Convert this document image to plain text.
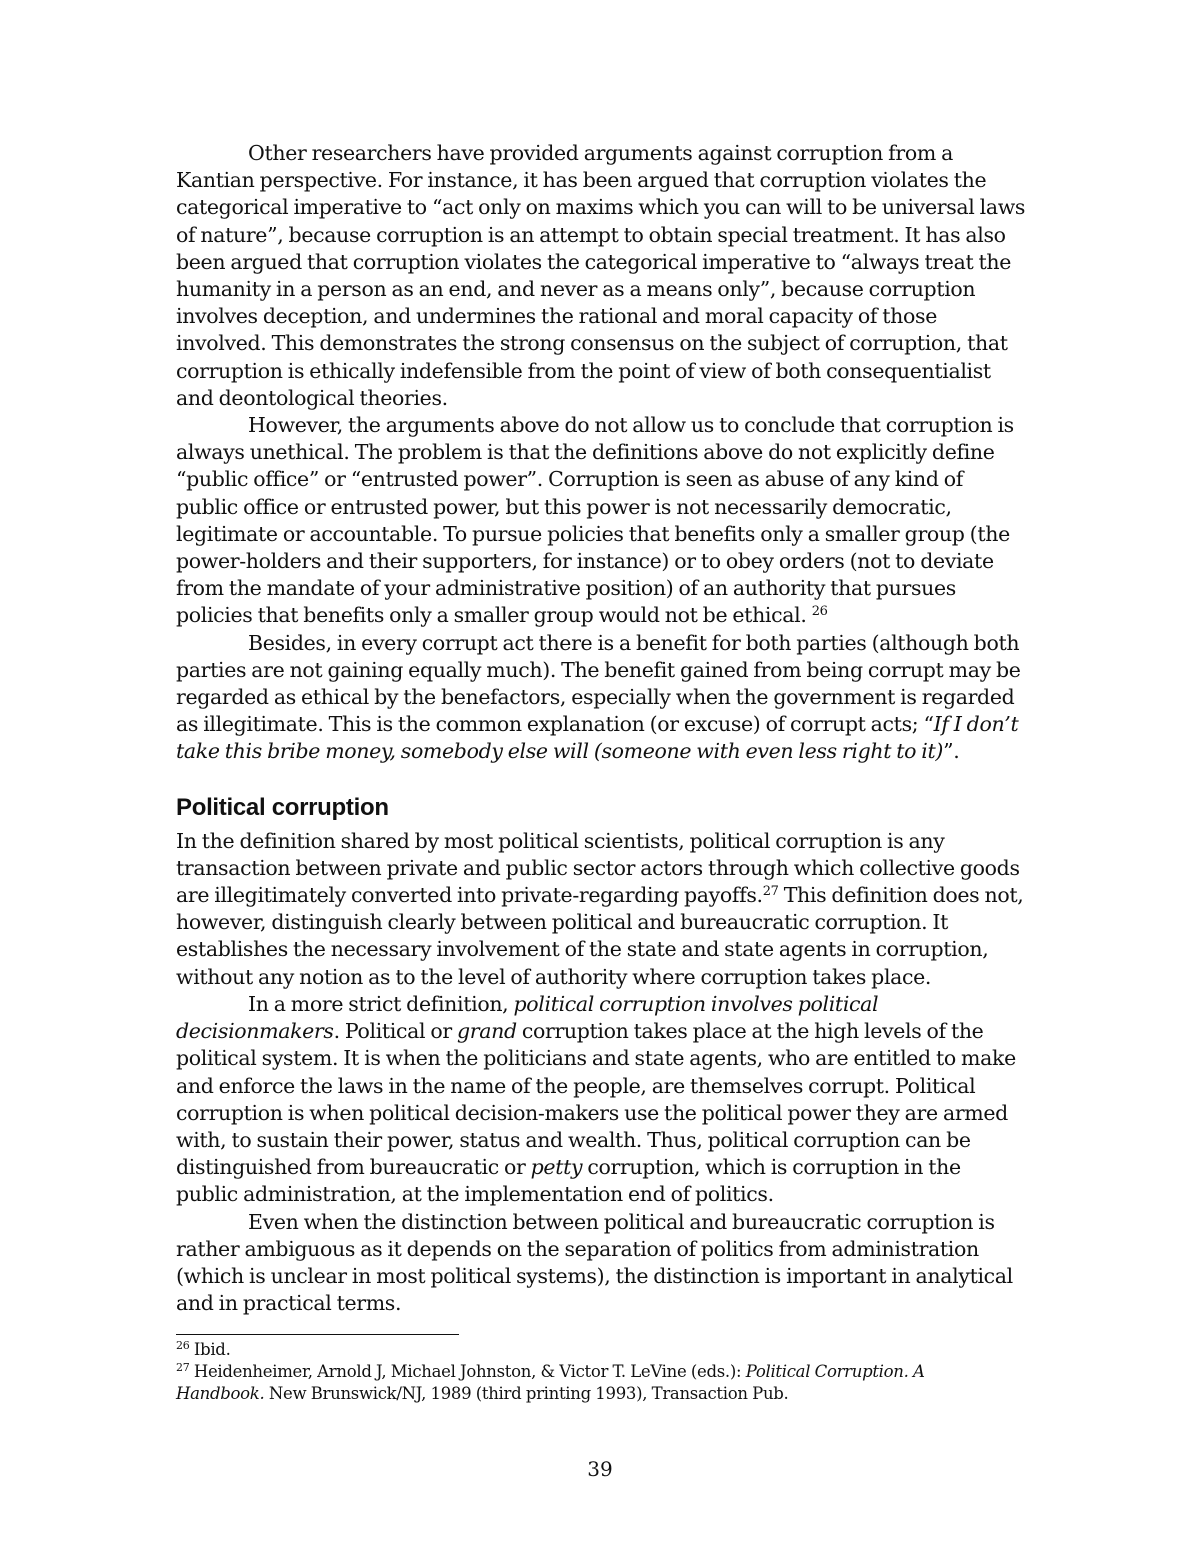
Other researchers have provided arguments against corruption from a Kantian perspective. For instance, it has been argued that corruption violates the categorical imperative to “act only on maxims which you can will to be universal laws of nature”, because corruption is an attempt to obtain special treatment. It has also been argued that corruption violates the categorical imperative to “always treat the humanity in a person as an end, and never as a means only”, because corruption involves deception, and undermines the rational and moral capacity of those involved. This demonstrates the strong consensus on the subject of corruption, that corruption is ethically indefensible from the point of view of both consequentialist and deontological theories.

However, the arguments above do not allow us to conclude that corruption is always unethical. The problem is that the definitions above do not explicitly define “public office” or “entrusted power”. Corruption is seen as abuse of any kind of public office or entrusted power, but this power is not necessarily democratic, legitimate or accountable. To pursue policies that benefits only a smaller group (the power-holders and their supporters, for instance) or to obey orders (not to deviate from the mandate of your administrative position) of an authority that pursues policies that benefits only a smaller group would not be ethical. $^{26}$

Besides, in every corrupt act there is a benefit for both parties (although both parties are not gaining equally much). The benefit gained from being corrupt may be regarded as ethical by the benefactors, especially when the government is regarded as illegitimate. This is the common explanation (or excuse) of corrupt acts; “If I don’t take this bribe money, somebody else will (someone with even less right to it)”.

Political corruption

In the definition shared by most political scientists, political corruption is any transaction between private and public sector actors through which collective goods are illegitimately converted into private-regarding payoffs.$^{27}$ This definition does not, however, distinguish clearly between political and bureaucratic corruption. It establishes the necessary involvement of the state and state agents in corruption, without any notion as to the level of authority where corruption takes place.

In a more strict definition, political corruption involves political decisionmakers. Political or grand corruption takes place at the high levels of the political system. It is when the politicians and state agents, who are entitled to make and enforce the laws in the name of the people, are themselves corrupt. Political corruption is when political decision-makers use the political power they are armed with, to sustain their power, status and wealth. Thus, political corruption can be distinguished from bureaucratic or petty corruption, which is corruption in the public administration, at the implementation end of politics.

Even when the distinction between political and bureaucratic corruption is rather ambiguous as it depends on the separation of politics from administration (which is unclear in most political systems), the distinction is important in analytical and in practical terms.

$^{26}$ Ibid.

$^{27}$ Heidenheimer, Arnold J, Michael Johnston, & Victor T. LeVine (eds.): Political Corruption. A Handbook. New Brunswick/NJ, 1989 (third printing 1993), Transaction Pub.

39
